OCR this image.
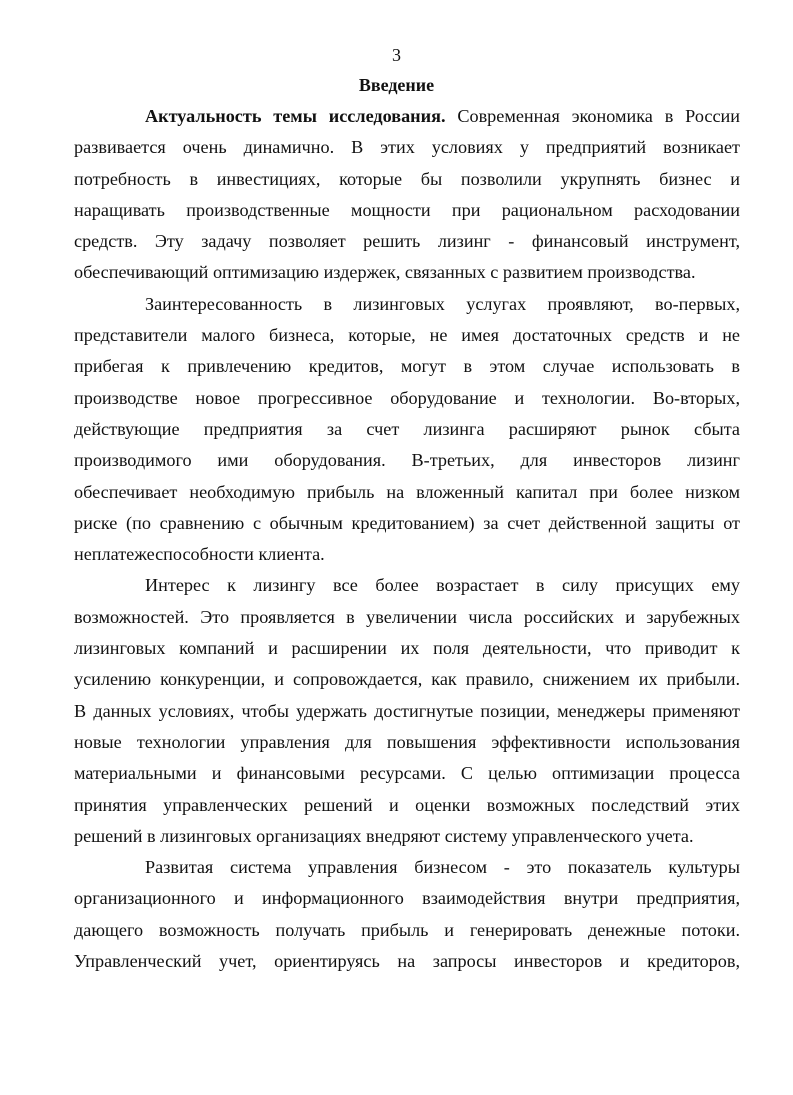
3
Введение
Актуальность темы исследования. Современная экономика в России
развивается очень динамично. В этих условиях у предприятий возникает
потребность в инвестициях, которые бы позволили укрупнять бизнес и
наращивать производственные мощности при рациональном расходовании
средств. Эту задачу позволяет решить лизинг - финансовый инструмент,
обеспечивающий оптимизацию издержек, связанных с развитием производства.
Заинтересованность в лизинговых услугах проявляют, во-первых,
представители малого бизнеса, которые, не имея достаточных средств и не
прибегая к привлечению кредитов, могут в этом случае использовать в
производстве новое прогрессивное оборудование и технологии. Во-вторых,
действующие предприятия за счет лизинга расширяют рынок сбыта
производимого ими оборудования. В-третьих, для инвесторов лизинг
обеспечивает необходимую прибыль на вложенный капитал при более низком
риске (по сравнению с обычным кредитованием) за счет действенной защиты от
неплатежеспособности клиента.
Интерес к лизингу все более возрастает в силу присущих ему
возможностей. Это проявляется в увеличении числа российских и зарубежных
лизинговых компаний и расширении их поля деятельности, что приводит к
усилению конкуренции, и сопровождается, как правило, снижением их прибыли.
В данных условиях, чтобы удержать достигнутые позиции, менеджеры применяют
новые технологии управления для повышения эффективности использования
материальными и финансовыми ресурсами. С целью оптимизации процесса
принятия управленческих решений и оценки возможных последствий этих
решений в лизинговых организациях внедряют систему управленческого учета.
Развитая система управления бизнесом - это показатель культуры
организационного и информационного взаимодействия внутри предприятия,
дающего возможность получать прибыль и генерировать денежные потоки.
Управленческий учет, ориентируясь на запросы инвесторов и кредиторов,
